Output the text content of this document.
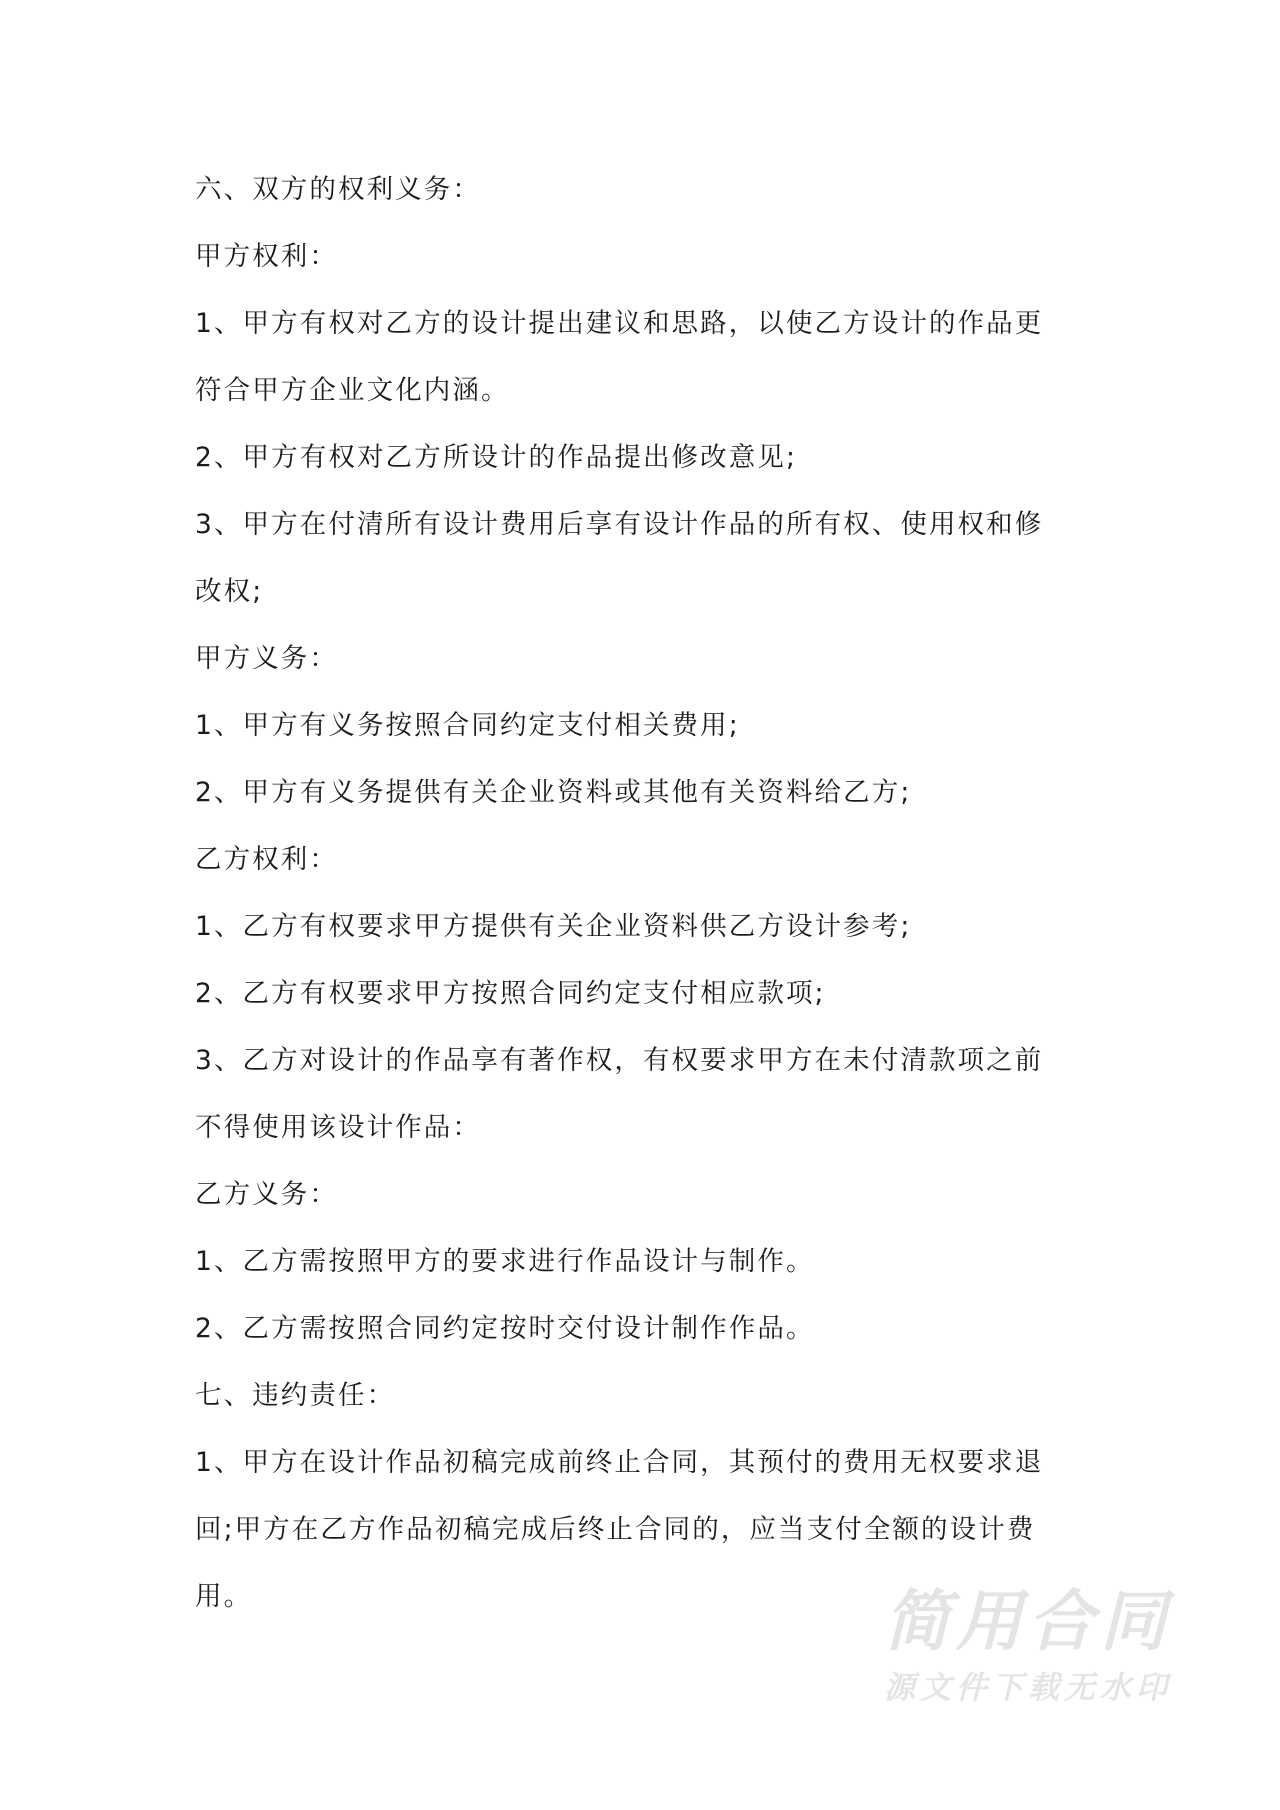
六、双方的权利义务：
甲方权利：
1、甲方有权对乙方的设计提出建议和思路，以使乙方设计的作品更
符合甲方企业文化内涵。
2、甲方有权对乙方所设计的作品提出修改意见;
3、甲方在付清所有设计费用后享有设计作品的所有权、使用权和修
改权;
甲方义务：
1、甲方有义务按照合同约定支付相关费用;
2、甲方有义务提供有关企业资料或其他有关资料给乙方;
乙方权利：
1、乙方有权要求甲方提供有关企业资料供乙方设计参考;
2、乙方有权要求甲方按照合同约定支付相应款项;
3、乙方对设计的作品享有著作权，有权要求甲方在未付清款项之前
不得使用该设计作品：
乙方义务：
1、乙方需按照甲方的要求进行作品设计与制作。
2、乙方需按照合同约定按时交付设计制作作品。
七、违约责任：
1、甲方在设计作品初稿完成前终止合同，其预付的费用无权要求退
回;甲方在乙方作品初稿完成后终止合同的，应当支付全额的设计费
用。	简用合同
源文件下载无水印
